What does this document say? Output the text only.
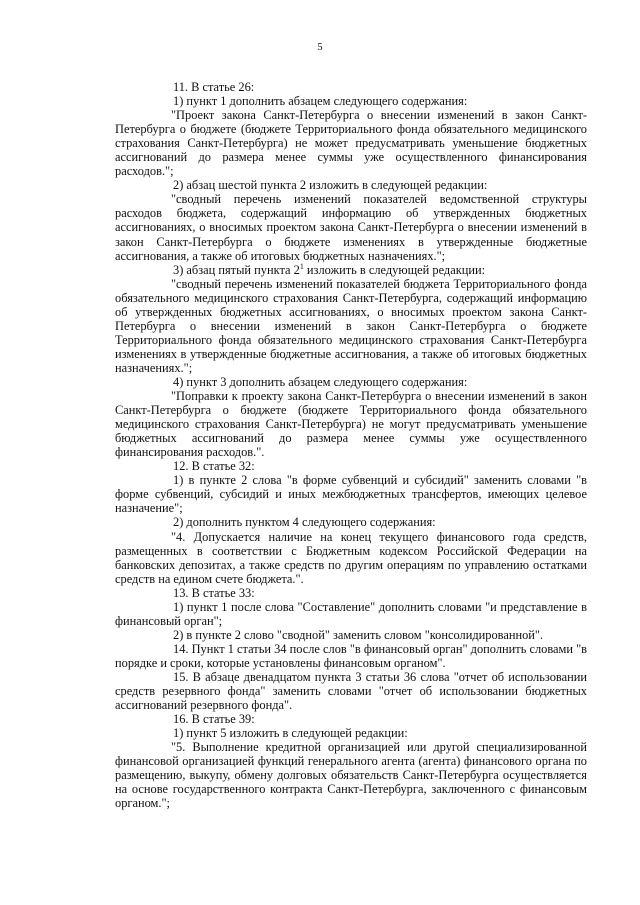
5

11. В статье 26:

1) пункт 1 дополнить абзацем следующего содержания:

"Проект закона Санкт-Петербурга о внесении изменений в закон Санкт-Петербурга о бюджете (бюджете Территориального фонда обязательного медицинского страхования Санкт-Петербурга) не может предусматривать уменьшение бюджетных ассигнований до размера менее суммы уже осуществленного финансирования расходов.";

2) абзац шестой пункта 2 изложить в следующей редакции:

"сводный перечень изменений показателей ведомственной структуры расходов бюджета, содержащий информацию об утвержденных бюджетных ассигнованиях, о вносимых проектом закона Санкт-Петербурга о внесении изменений в закон Санкт-Петербурга о бюджете изменениях в утвержденные бюджетные ассигнования, а также об итоговых бюджетных назначениях.";

3) абзац пятый пункта $2^1$ изложить в следующей редакции:

"сводный перечень изменений показателей бюджета Территориального фонда обязательного медицинского страхования Санкт-Петербурга, содержащий информацию об утвержденных бюджетных ассигнованиях, о вносимых проектом закона Санкт-Петербурга о внесении изменений в закон Санкт-Петербурга о бюджете Территориального фонда обязательного медицинского страхования Санкт-Петербурга изменениях в утвержденные бюджетные ассигнования, а также об итоговых бюджетных назначениях.";

4) пункт 3 дополнить абзацем следующего содержания:

"Поправки к проекту закона Санкт-Петербурга о внесении изменений в закон Санкт-Петербурга о бюджете (бюджете Территориального фонда обязательного медицинского страхования Санкт-Петербурга) не могут предусматривать уменьшение бюджетных ассигнований до размера менее суммы уже осуществленного финансирования расходов.".

12. В статье 32:

1) в пункте 2 слова "в форме субвенций и субсидий" заменить словами "в форме субвенций, субсидий и иных межбюджетных трансфертов, имеющих целевое назначение";

2) дополнить пунктом 4 следующего содержания:

"4. Допускается наличие на конец текущего финансового года средств, размещенных в соответствии с Бюджетным кодексом Российской Федерации на банковских депозитах, а также средств по другим операциям по управлению остатками средств на едином счете бюджета.".

13. В статье 33:

1) пункт 1 после слова "Составление" дополнить словами "и представление в финансовый орган";

2) в пункте 2 слово "сводной" заменить словом "консолидированной".

14. Пункт 1 статьи 34 после слов "в финансовый орган" дополнить словами "в порядке и сроки, которые установлены финансовым органом".

15. В абзаце двенадцатом пункта 3 статьи 36 слова "отчет об использовании средств резервного фонда" заменить словами "отчет об использовании бюджетных ассигнований резервного фонда".

16. В статье 39:

1) пункт 5 изложить в следующей редакции:

"5. Выполнение кредитной организацией или другой специализированной финансовой организацией функций генерального агента (агента) финансового органа по размещению, выкупу, обмену долговых обязательств Санкт-Петербурга осуществляется на основе государственного контракта Санкт-Петербурга, заключенного с финансовым органом.";
